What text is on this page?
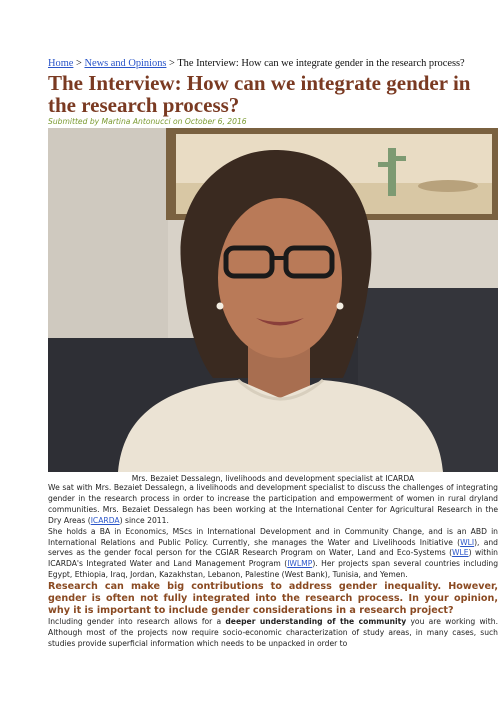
Home > News and Opinions > The Interview: How can we integrate gender in the research process?
The Interview: How can we integrate gender in the research process?
Submitted by Martina Antonucci on October 6, 2016
Mrs. Bezaiet Dessalegn, livelihoods and development specialist at ICARDA

We sat with Mrs. Bezaiet Dessalegn, a livelihoods and development specialist to discuss the challenges of integrating gender in the research process in order to increase the participation and empowerment of women in rural dryland communities. Mrs. Bezaiet Dessalegn has been working at the International Center for Agricultural Research in the Dry Areas (ICARDA) since 2011.

She holds a BA in Economics, MScs in International Development and in Community Change, and is an ABD in International Relations and Public Policy. Currently, she manages the Water and Livelihoods Initiative (WLI), and serves as the gender focal person for the CGIAR Research Program on Water, Land and Eco-Systems (WLE) within ICARDA's Integrated Water and Land Management Program (IWLMP). Her projects span several countries including Egypt, Ethiopia, Iraq, Jordan, Kazakhstan, Lebanon, Palestine (West Bank), Tunisia, and Yemen.

Research can make big contributions to address gender inequality. However, gender is often not fully integrated into the research process. In your opinion, why it is important to include gender considerations in a research project?

Including gender into research allows for a deeper understanding of the community you are working with. Although most of the projects now require socio-economic characterization of study areas, in many cases, such studies provide superficial information which needs to be unpacked in order to
